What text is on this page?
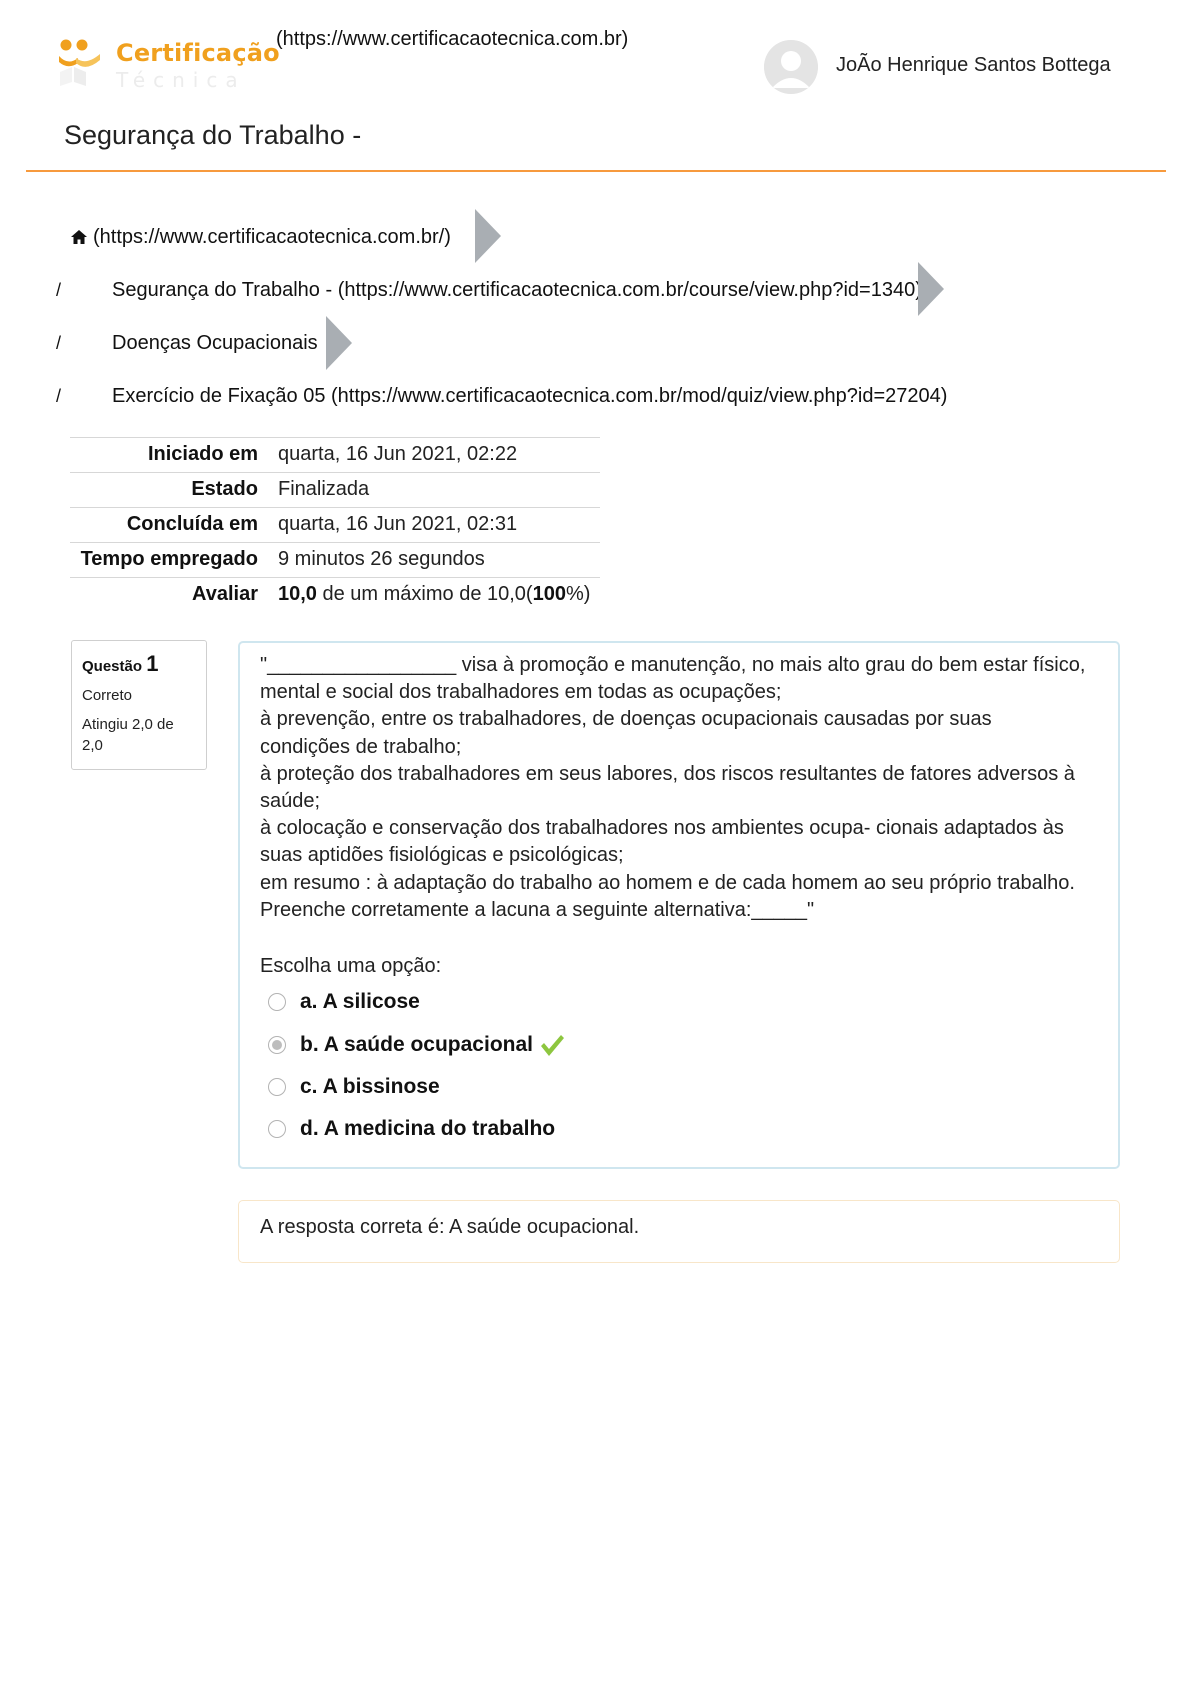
Certificação
Técnica
(https://www.certificacaotecnica.com.br)
JoÃo Henrique Santos Bottega
Segurança do Trabalho -
(https://www.certificacaotecnica.com.br/)
/	Segurança do Trabalho - (https://www.certificacaotecnica.com.br/course/view.php?id=1340)
/	Doenças Ocupacionais
/	Exercício de Fixação 05 (https://www.certificacaotecnica.com.br/mod/quiz/view.php?id=27204)
Iniciado em	quarta, 16 Jun 2021, 02:22
Estado	Finalizada
Concluída em	quarta, 16 Jun 2021, 02:31
Tempo empregado	9 minutos 26 segundos
Avaliar	10,0 de um máximo de 10,0(100%)
Questão 1
Correto
Atingiu 2,0 de 2,0
"_________________ visa à promoção e manutenção, no mais alto grau do bem estar físico,
mental e social dos trabalhadores em todas as ocupações;
à prevenção, entre os trabalhadores, de doenças ocupacionais causadas por suas
condições de trabalho;
à proteção dos trabalhadores em seus labores, dos riscos resultantes de fatores adversos à
saúde;
à colocação e conservação dos trabalhadores nos ambientes ocupa- cionais adaptados às
suas aptidões fisiológicas e psicológicas;
em resumo : à adaptação do trabalho ao homem e de cada homem ao seu próprio trabalho.
Preenche corretamente a lacuna a seguinte alternativa:_____"
Escolha uma opção:
a. A silicose
b. A saúde ocupacional
c. A bissinose
d. A medicina do trabalho
A resposta correta é: A saúde ocupacional.
